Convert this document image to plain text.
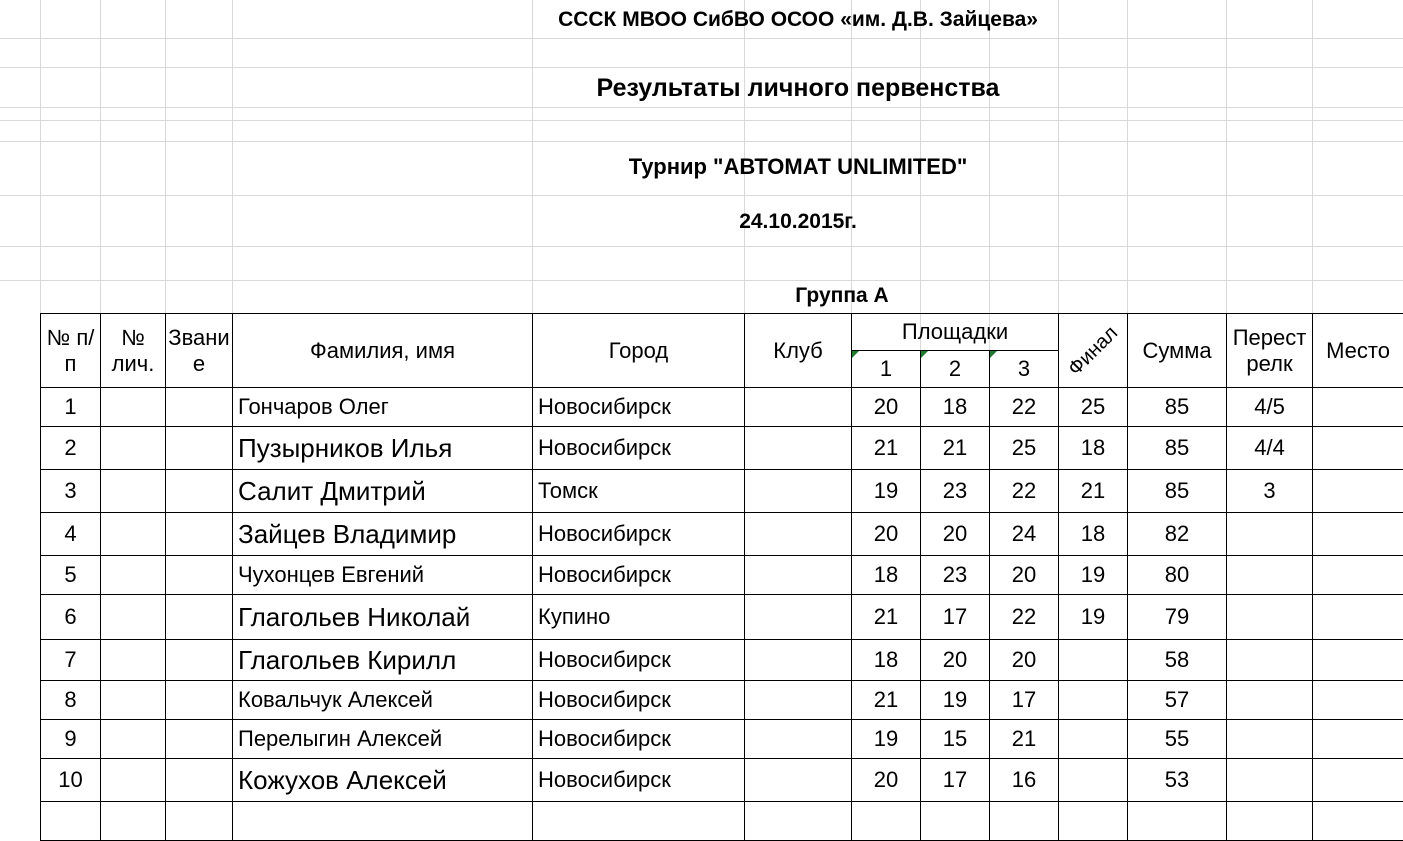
СССК МВОО СибВО ОСОО «им. Д.В. Зайцева»
Результаты личного первенства
Турнир "АВТОМАТ UNLIMITED"
24.10.2015г.
Группа А
№ п/п	№ лич.	Звание	Фамилия, имя	Город	Клуб	Площадки			Финал	Сумма	Перестрелк	Место
						1	2	3				
1			Гончаров Олег	Новосибирск		20	18	22	25	85	4/5	
2			Пузырников Илья	Новосибирск		21	21	25	18	85	4/4	
3			Салит Дмитрий	Томск		19	23	22	21	85	3	
4			Зайцев Владимир	Новосибирск		20	20	24	18	82		
5			Чухонцев Евгений	Новосибирск		18	23	20	19	80		
6			Глагольев Николай	Купино		21	17	22	19	79		
7			Глагольев Кирилл	Новосибирск		18	20	20		58		
8			Ковальчук Алексей	Новосибирск		21	19	17		57		
9			Перелыгин Алексей	Новосибирск		19	15	21		55		
10			Кожухов Алексей	Новосибирск		20	17	16		53		
